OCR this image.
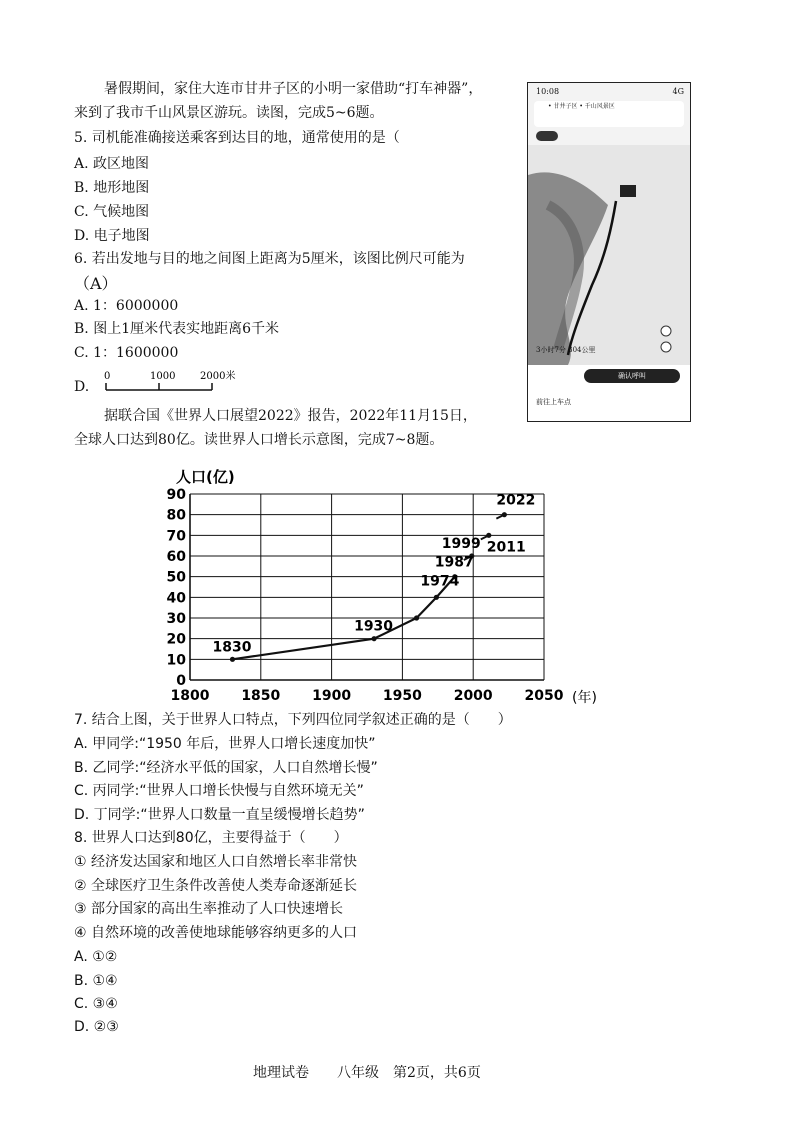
暑假期间，家住大连市甘井子区的小明一家借助“打车神器”，
来到了我市千山风景区游玩。读图，完成5~6题。
5. 司机能准确接送乘客到达目的地，通常使用的是（
A. 政区地图
B. 地形地图
C. 气候地图
D. 电子地图
6. 若出发地与目的地之间图上距离为5厘米，该图比例尺可能为
（A）
A. 1：6000000
B. 图上1厘米代表实地距离6千米
C. 1：1600000
D.
0	1000 2000米
10:08	4G
• 甘井子区 • 千山风景区
3小时7分 304公里
确认呼叫
前往上车点
据联合国《世界人口展望2022》报告，2022年11月15日，
全球人口达到80亿。读世界人口增长示意图，完成7~8题。
人口(亿)
0
10
20
30
40
50
60
70
80
90
1800 1850 1900 1950 2000 2050 (年)
1830
1930
1974
1987
1999 2011
2022
7. 结合上图，关于世界人口特点，下列四位同学叙述正确的是（　　）
A. 甲同学:“1950 年后，世界人口增长速度加快”
B. 乙同学:“经济水平低的国家，人口自然增长慢”
C. 丙同学:“世界人口增长快慢与自然环境无关”
D. 丁同学:“世界人口数量一直呈缓慢增长趋势”
8. 世界人口达到80亿，主要得益于（　　）
① 经济发达国家和地区人口自然增长率非常快
② 全球医疗卫生条件改善使人类寿命逐渐延长
③ 部分国家的高出生率推动了人口快速增长
④ 自然环境的改善使地球能够容纳更多的人口
A. ①②
B. ①④
C. ③④
D. ②③
地理试卷　　八年级　第2页，共6页
